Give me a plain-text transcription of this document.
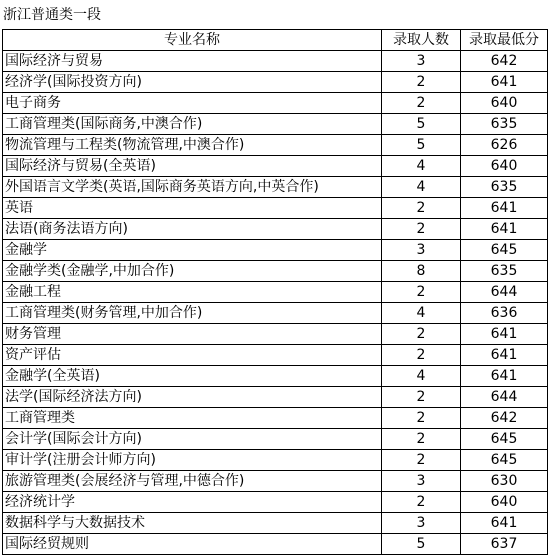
浙江普通类一段
专业名称	录取人数	录取最低分
国际经济与贸易	3	642
经济学(国际投资方向)	2	641
电子商务	2	640
工商管理类(国际商务,中澳合作)	5	635
物流管理与工程类(物流管理,中澳合作)	5	626
国际经济与贸易(全英语)	4	640
外国语言文学类(英语,国际商务英语方向,中英合作)	4	635
英语	2	641
法语(商务法语方向)	2	641
金融学	3	645
金融学类(金融学,中加合作)	8	635
金融工程	2	644
工商管理类(财务管理,中加合作)	4	636
财务管理	2	641
资产评估	2	641
金融学(全英语)	4	641
法学(国际经济法方向)	2	644
工商管理类	2	642
会计学(国际会计方向)	2	645
审计学(注册会计师方向)	2	645
旅游管理类(会展经济与管理,中德合作)	3	630
经济统计学	2	640
数据科学与大数据技术	3	641
国际经贸规则	5	637
